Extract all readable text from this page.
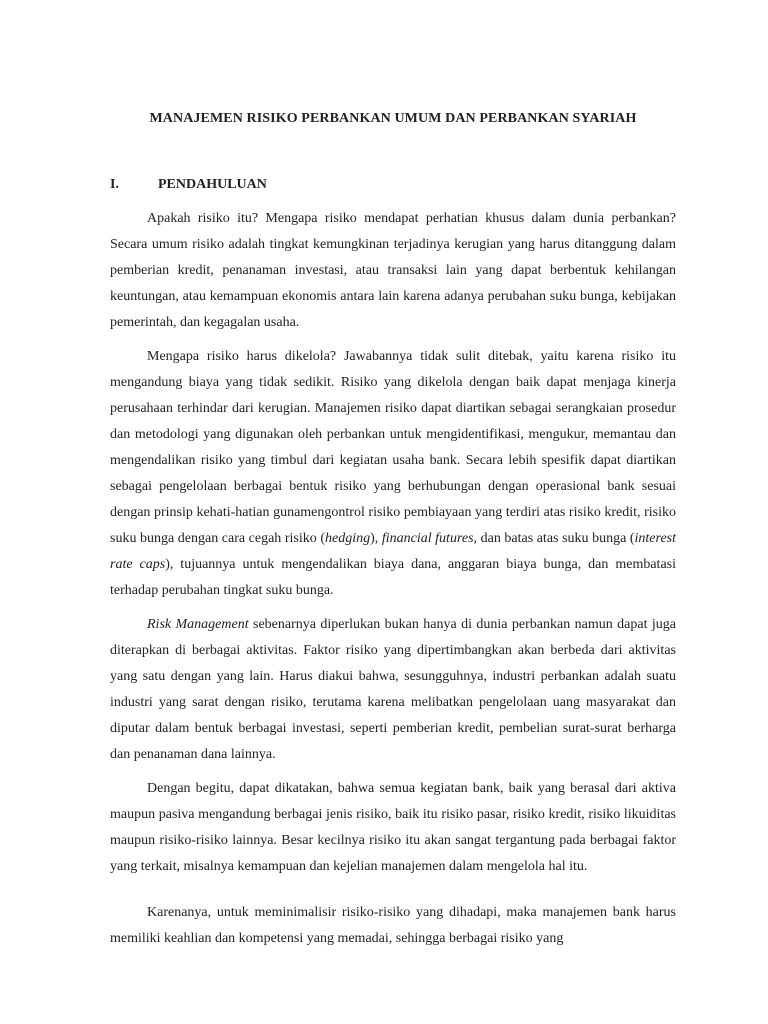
MANAJEMEN RISIKO PERBANKAN UMUM DAN PERBANKAN SYARIAH
I.	PENDAHULUAN

Apakah risiko itu? Mengapa risiko mendapat perhatian khusus dalam dunia perbankan? Secara umum risiko adalah tingkat kemungkinan terjadinya kerugian yang harus ditanggung dalam pemberian kredit, penanaman investasi, atau transaksi lain yang dapat berbentuk kehilangan keuntungan, atau kemampuan ekonomis antara lain karena adanya perubahan suku bunga, kebijakan pemerintah, dan kegagalan usaha.

Mengapa risiko harus dikelola? Jawabannya tidak sulit ditebak, yaitu karena risiko itu mengandung biaya yang tidak sedikit. Risiko yang dikelola dengan baik dapat menjaga kinerja perusahaan terhindar dari kerugian. Manajemen risiko dapat diartikan sebagai serangkaian prosedur dan metodologi yang digunakan oleh perbankan untuk mengidentifikasi, mengukur, memantau dan mengendalikan risiko yang timbul dari kegiatan usaha bank. Secara lebih spesifik dapat diartikan sebagai pengelolaan berbagai bentuk risiko yang berhubungan dengan operasional bank sesuai dengan prinsip kehati-hatian gunamengontrol risiko pembiayaan yang terdiri atas risiko kredit, risiko suku bunga dengan cara cegah risiko (hedging), financial futures, dan batas atas suku bunga (interest rate caps), tujuannya untuk mengendalikan biaya dana, anggaran biaya bunga, dan membatasi terhadap perubahan tingkat suku bunga.

Risk Management sebenarnya diperlukan bukan hanya di dunia perbankan namun dapat juga diterapkan di berbagai aktivitas. Faktor risiko yang dipertimbangkan akan berbeda dari aktivitas yang satu dengan yang lain. Harus diakui bahwa, sesungguhnya, industri perbankan adalah suatu industri yang sarat dengan risiko, terutama karena melibatkan pengelolaan uang masyarakat dan diputar dalam bentuk berbagai investasi, seperti pemberian kredit, pembelian surat-surat berharga dan penanaman dana lainnya.

Dengan begitu, dapat dikatakan, bahwa semua kegiatan bank, baik yang berasal dari aktiva maupun pasiva mengandung berbagai jenis risiko, baik itu risiko pasar, risiko kredit, risiko likuiditas maupun risiko-risiko lainnya. Besar kecilnya risiko itu akan sangat tergantung pada berbagai faktor yang terkait, misalnya kemampuan dan kejelian manajemen dalam mengelola hal itu.

Karenanya, untuk meminimalisir risiko-risiko yang dihadapi, maka manajemen bank harus memiliki keahlian dan kompetensi yang memadai, sehingga berbagai risiko yang
